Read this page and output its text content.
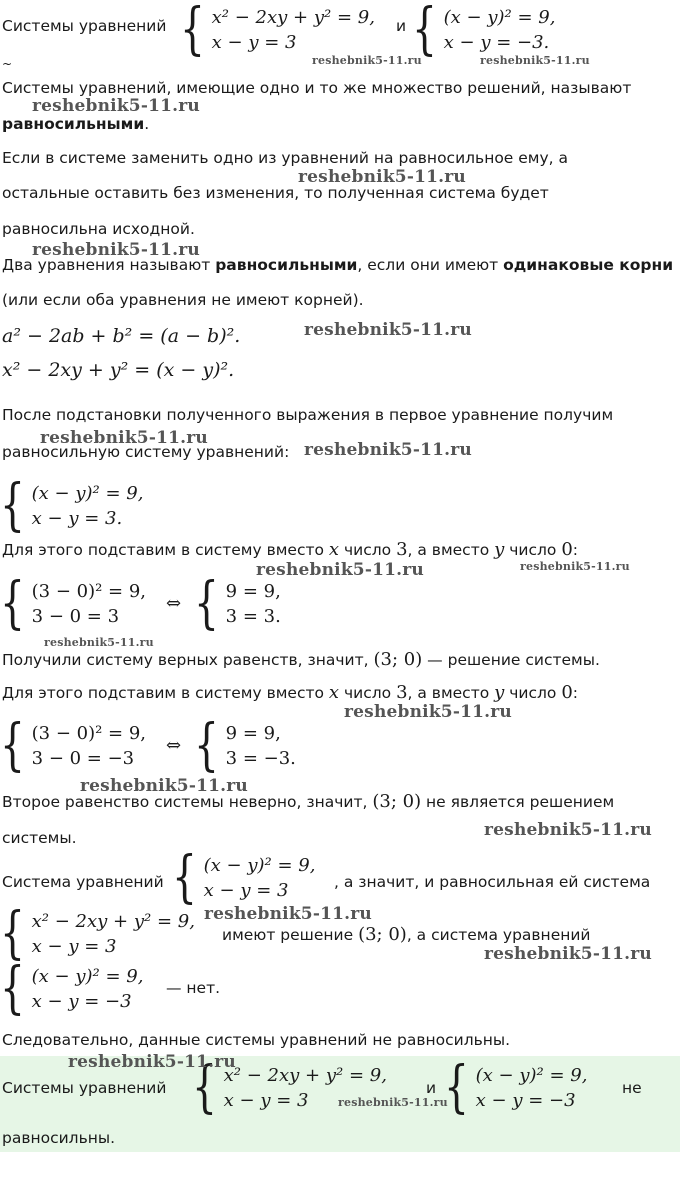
Системы уравнений { x² − 2xy + y² = 9,
x − y = 3
и { (x − y)² = 9,
x − y = −3.
~
Системы уравнений, имеющие одно и то же множество решений, называют
равносильными.
Если в системе заменить одно из уравнений на равносильное ему, а
остальные оставить без изменения, то полученная система будет
равносильна исходной.
Два уравнения называют равносильными, если они имеют одинаковые корни
(или если оба уравнения не имеют корней).
a² − 2ab + b² = (a − b)².
x² − 2xy + y² = (x − y)².
После подстановки полученного выражения в первое уравнение получим
равносильную систему уравнений:
{ (x − y)² = 9,
x − y = 3.
Для этого подставим в систему вместо x число 3, а вместо y число 0:
{ (3 − 0)² = 9,
3 − 0 = 3
⇔ { 9 = 9,
3 = 3.
Получили систему верных равенств, значит, (3; 0) — решение системы.
Для этого подставим в систему вместо x число 3, а вместо y число 0:
{ (3 − 0)² = 9,
3 − 0 = −3
⇔ { 9 = 9,
3 = −3.
Второе равенство системы неверно, значит, (3; 0) не является решением
системы.
Система уравнений { (x − y)² = 9,
x − y = 3	, а значит, и равносильная ей система
{ x² − 2xy + y² = 9,
x − y = 3
имеют решение (3; 0), а система уравнений
{ (x − y)² = 9,
x − y = −3
— нет.
Следовательно, данные системы уравнений не равносильны.
Системы уравнений { x² − 2xy + y² = 9,
x − y = 3
и { (x − y)² = 9,
x − y = −3
не
равносильны.
reshebnik5-11.ru	reshebnik5-11.ru
reshebnik5-11.ru
reshebnik5-11.ru
reshebnik5-11.ru
reshebnik5-11.ru
reshebnik5-11.ru
reshebnik5-11.ru
reshebnik5-11.ru	reshebnik5-11.ru
reshebnik5-11.ru
reshebnik5-11.ru
reshebnik5-11.ru
reshebnik5-11.ru
reshebnik5-11.ru
reshebnik5-11.ru
reshebnik5-11.ru
reshebnik5-11.ru
